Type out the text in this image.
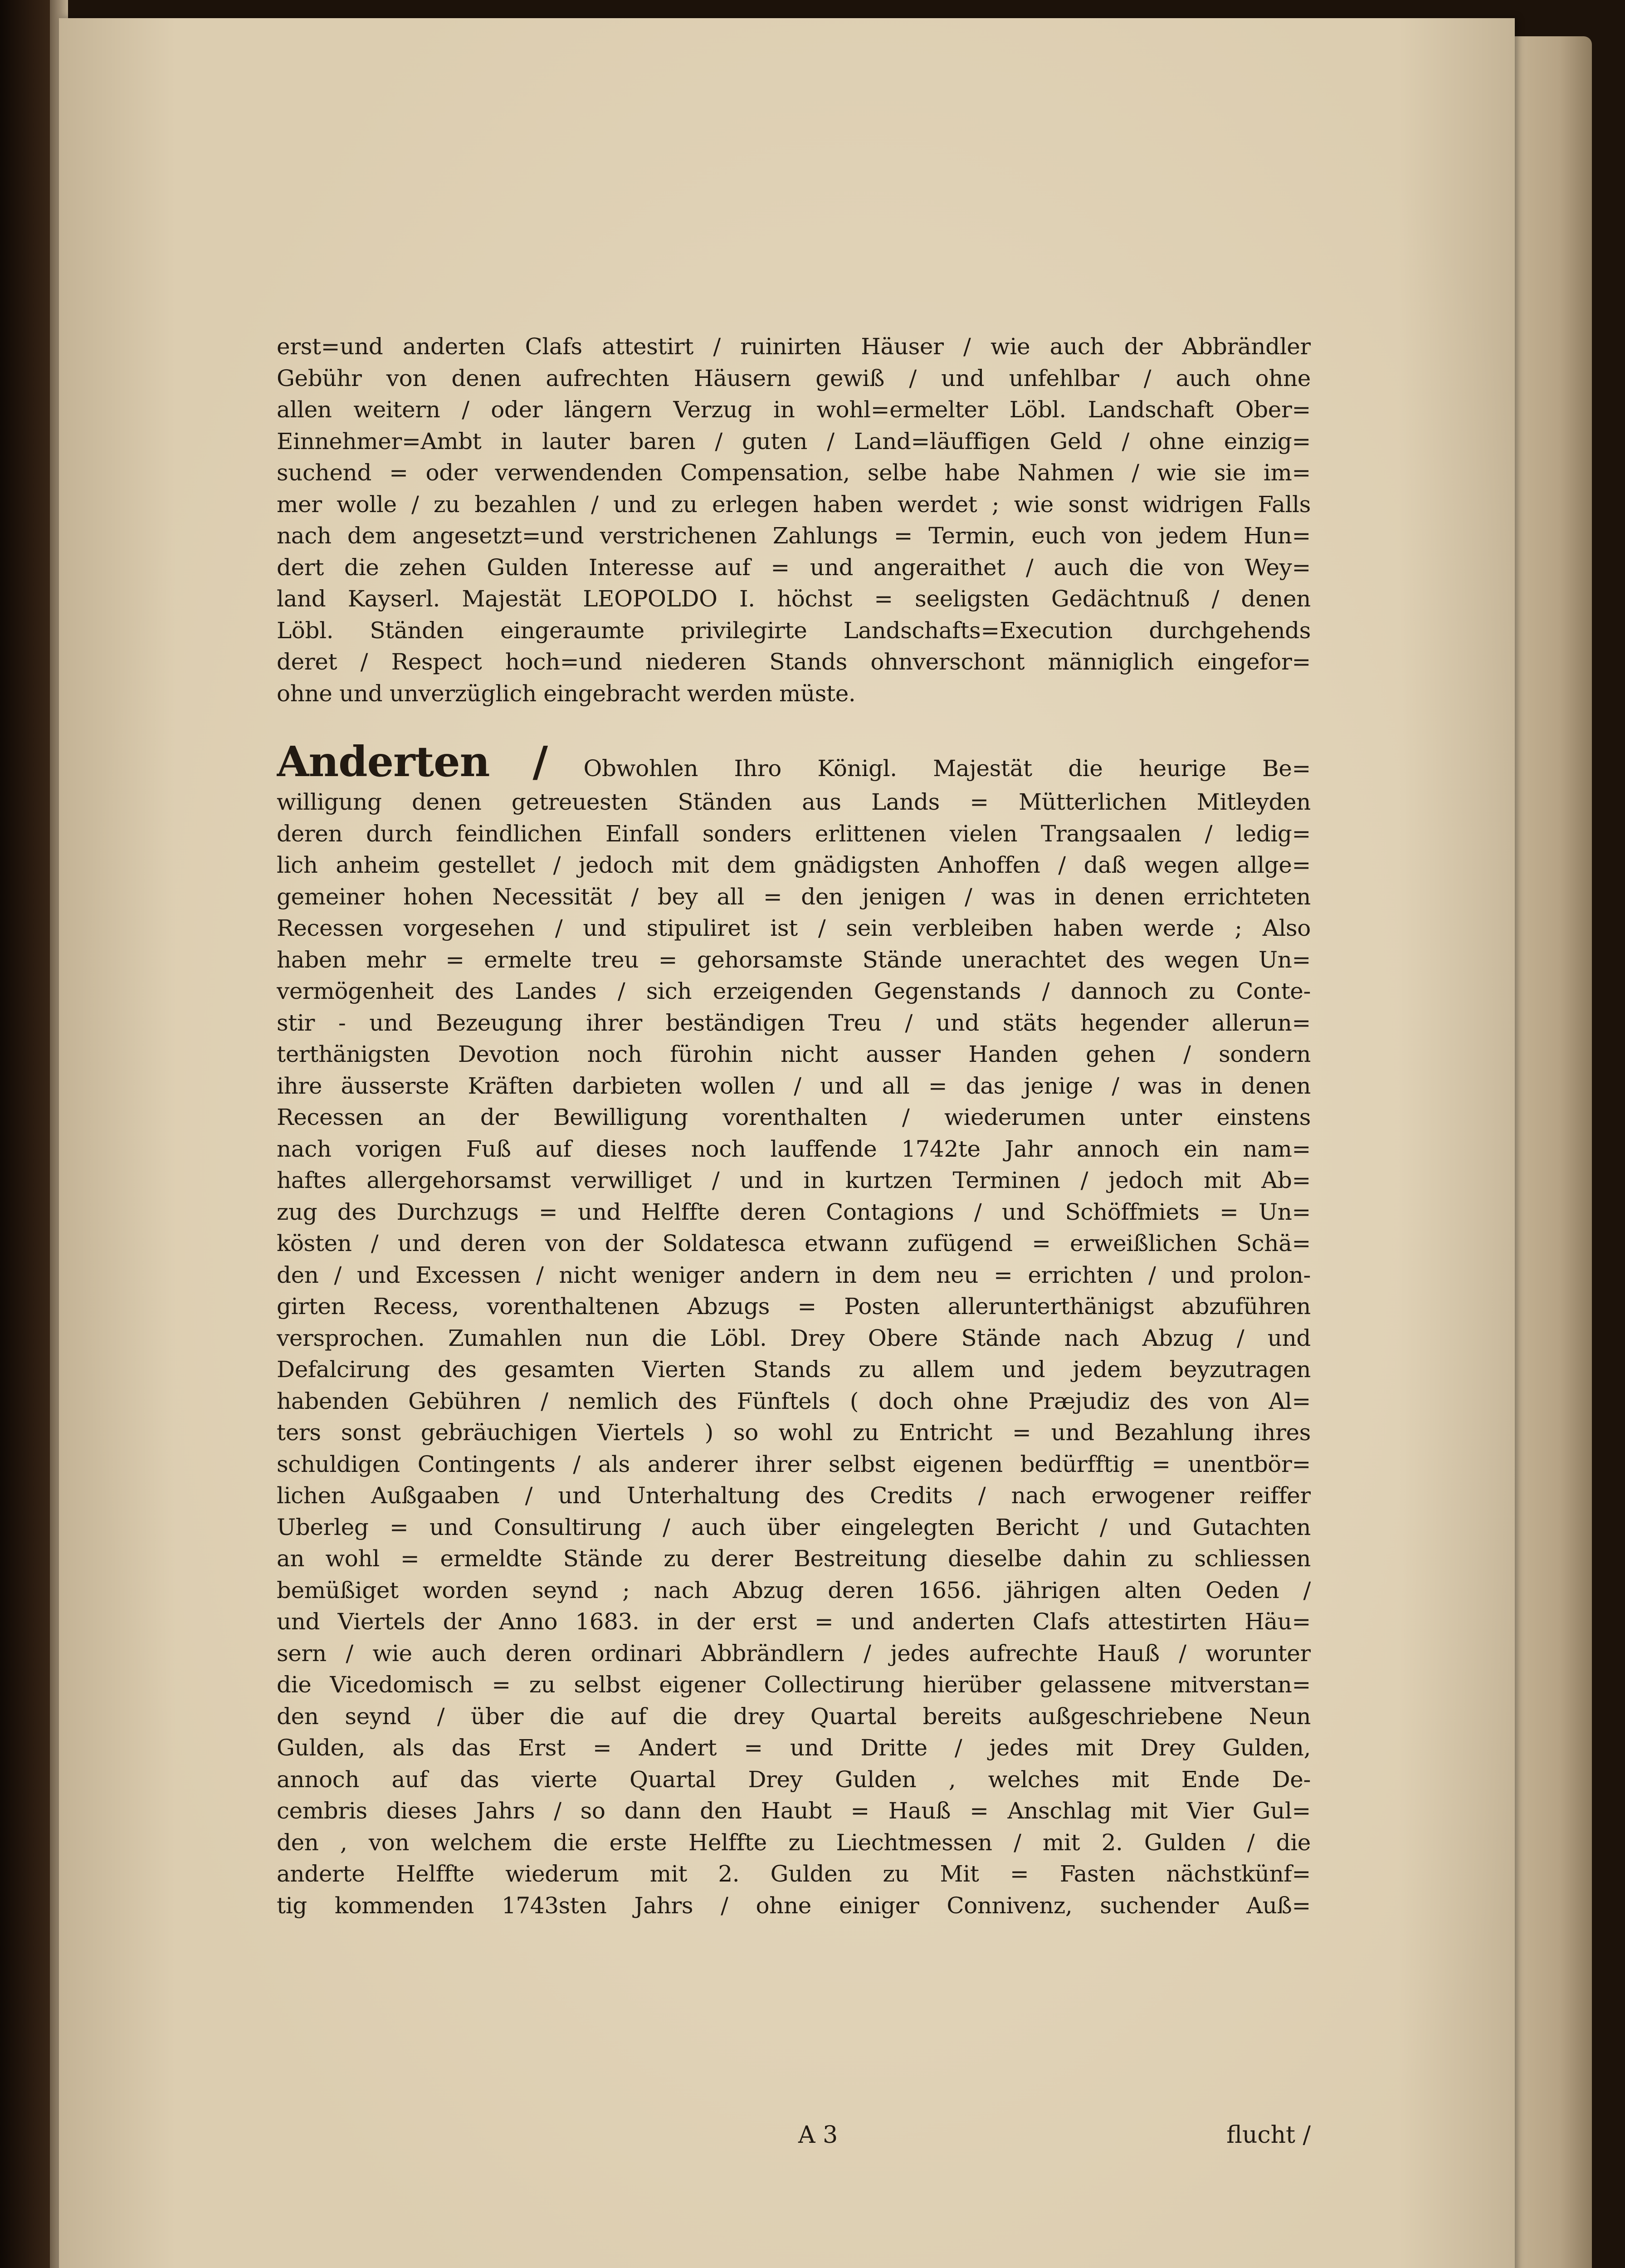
erst=und anderten Clafs attestirt / ruinirten Häuser / wie auch der Abbrändler
Gebühr von denen aufrechten Häusern gewiß / und unfehlbar / auch ohne
allen weitern / oder längern Verzug in wohl=ermelter Löbl. Landschaft Ober=
Einnehmer=Ambt in lauter baren / guten / Land=läuffigen Geld / ohne einzig=
suchend = oder verwendenden Compensation, selbe habe Nahmen / wie sie im=
mer wolle / zu bezahlen / und zu erlegen haben werdet ; wie sonst widrigen Falls
nach dem angesetzt=und verstrichenen Zahlungs = Termin, euch von jedem Hun=
dert die zehen Gulden Interesse auf = und angeraithet / auch die von Wey=
land Kayserl. Majestät LEOPOLDO I. höchst = seeligsten Gedächtnuß / denen
Löbl. Ständen eingeraumte privilegirte Landschafts=Execution durchgehends
deret / Respect hoch=und niederen Stands ohnverschont männiglich eingefor=
ohne und unverzüglich eingebracht werden müste.
Anderten / Obwohlen Ihro Königl. Majestät die heurige Be=
willigung denen getreuesten Ständen aus Lands = Mütterlichen Mitleyden
deren durch feindlichen Einfall sonders erlittenen vielen Trangsaalen / ledig=
lich anheim gestellet / jedoch mit dem gnädigsten Anhoffen / daß wegen allge=
gemeiner hohen Necessität / bey all = den jenigen / was in denen errichteten
Recessen vorgesehen / und stipuliret ist / sein verbleiben haben werde ; Also
haben mehr = ermelte treu = gehorsamste Stände unerachtet des wegen Un=
vermögenheit des Landes / sich erzeigenden Gegenstands / dannoch zu Conte-
stir - und Bezeugung ihrer beständigen Treu / und stäts hegender allerun=
terthänigsten Devotion noch fürohin nicht ausser Handen gehen / sondern
ihre äusserste Kräften darbieten wollen / und all = das jenige / was in denen
Recessen an der Bewilligung vorenthalten / wiederumen unter einstens
nach vorigen Fuß auf dieses noch lauffende 1742te Jahr annoch ein nam=
haftes allergehorsamst verwilliget / und in kurtzen Terminen / jedoch mit Ab=
zug des Durchzugs = und Helffte deren Contagions / und Schöffmiets = Un=
kösten / und deren von der Soldatesca etwann zufügend = erweißlichen Schä=
den / und Excessen / nicht weniger andern in dem neu = errichten / und prolon-
girten Recess, vorenthaltenen Abzugs = Posten allerunterthänigst abzuführen
versprochen. Zumahlen nun die Löbl. Drey Obere Stände nach Abzug / und
Defalcirung des gesamten Vierten Stands zu allem und jedem beyzutragen
habenden Gebühren / nemlich des Fünftels ( doch ohne Præjudiz des von Al=
ters sonst gebräuchigen Viertels ) so wohl zu Entricht = und Bezahlung ihres
schuldigen Contingents / als anderer ihrer selbst eigenen bedürfftig = unentbör=
lichen Außgaaben / und Unterhaltung des Credits / nach erwogener reiffer
Uberleg = und Consultirung / auch über eingelegten Bericht / und Gutachten
an wohl = ermeldte Stände zu derer Bestreitung dieselbe dahin zu schliessen
bemüßiget worden seynd ; nach Abzug deren 1656. jährigen alten Oeden /
und Viertels der Anno 1683. in der erst = und anderten Clafs attestirten Häu=
sern / wie auch deren ordinari Abbrändlern / jedes aufrechte Hauß / worunter
die Vicedomisch = zu selbst eigener Collectirung hierüber gelassene mitverstan=
den seynd / über die auf die drey Quartal bereits außgeschriebene Neun
Gulden, als das Erst = Andert = und Dritte / jedes mit Drey Gulden,
annoch auf das vierte Quartal Drey Gulden , welches mit Ende De-
cembris dieses Jahrs / so dann den Haubt = Hauß = Anschlag mit Vier Gul=
den , von welchem die erste Helffte zu Liechtmessen / mit 2. Gulden / die
anderte Helffte wiederum mit 2. Gulden zu Mit = Fasten nächstkünf=
tig kommenden 1743sten Jahrs / ohne einiger Connivenz, suchender Auß=
A 3	flucht /
